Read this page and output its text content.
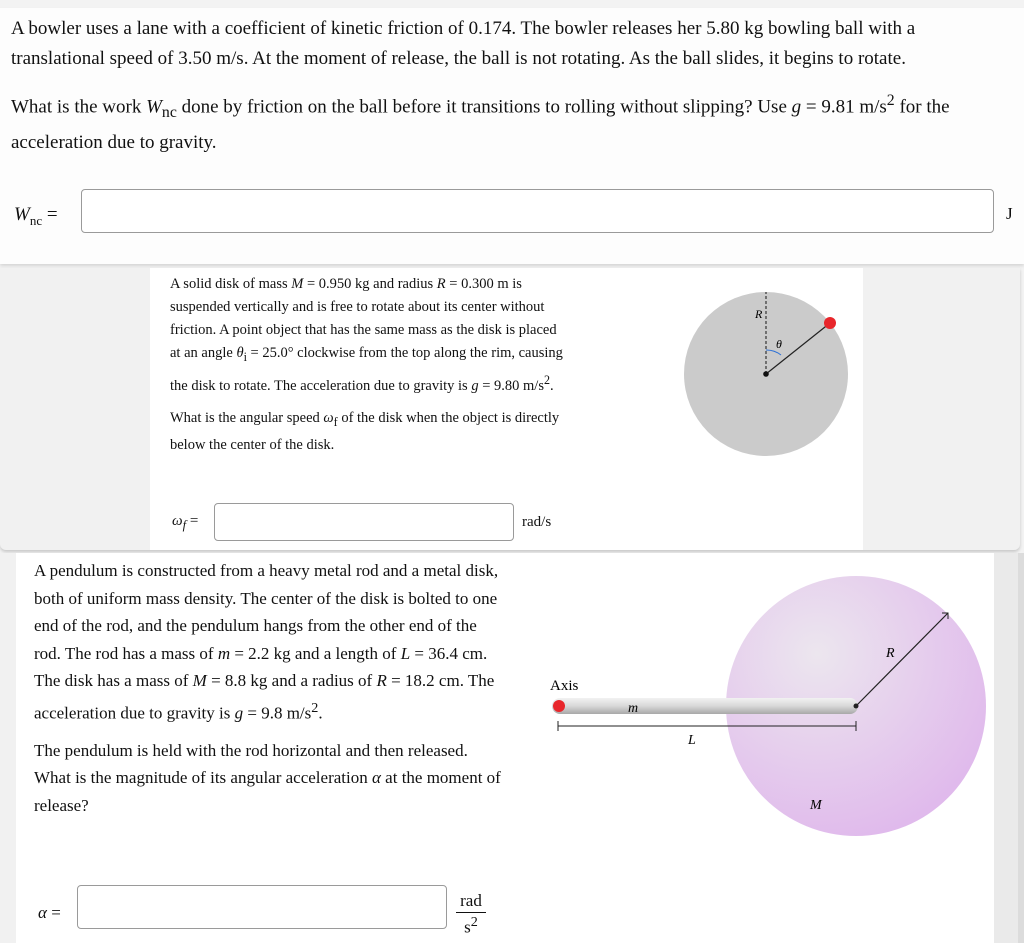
A bowler uses a lane with a coefficient of kinetic friction of 0.174. The bowler releases her 5.80 kg bowling ball with a translational speed of 3.50 m/s. At the moment of release, the ball is not rotating. As the ball slides, it begins to rotate.

What is the work $W_{nc}$ done by friction on the ball before it transitions to rolling without slipping? Use g = 9.81 $m/s^2$ for the acceleration due to gravity.

$W_{nc}$ =	J

A solid disk of mass M = 0.950 kg and radius R = 0.300 m is suspended vertically and is free to rotate about its center without friction. A point object that has the same mass as the disk is placed at an angle $\theta_i = 25.0^\circ$ clockwise from the top along the rim, causing the disk to rotate. The acceleration due to gravity is g = 9.80 $m/s^2$.

What is the angular speed $\omega_f$ of the disk when the object is directly below the center of the disk.

$\omega_f$ =	rad/s
R
θ

A pendulum is constructed from a heavy metal rod and a metal disk, both of uniform mass density. The center of the disk is bolted to one end of the rod, and the pendulum hangs from the other end of the rod. The rod has a mass of m = 2.2 kg and a length of L = 36.4 cm. The disk has a mass of M = 8.8 kg and a radius of R = 18.2 cm. The acceleration due to gravity is g = 9.8 $m/s^2$.

The pendulum is held with the rod horizontal and then released. What is the magnitude of its angular acceleration α at the moment of release?

α =
rad
$s^2$
Axis
m
L
R
M
